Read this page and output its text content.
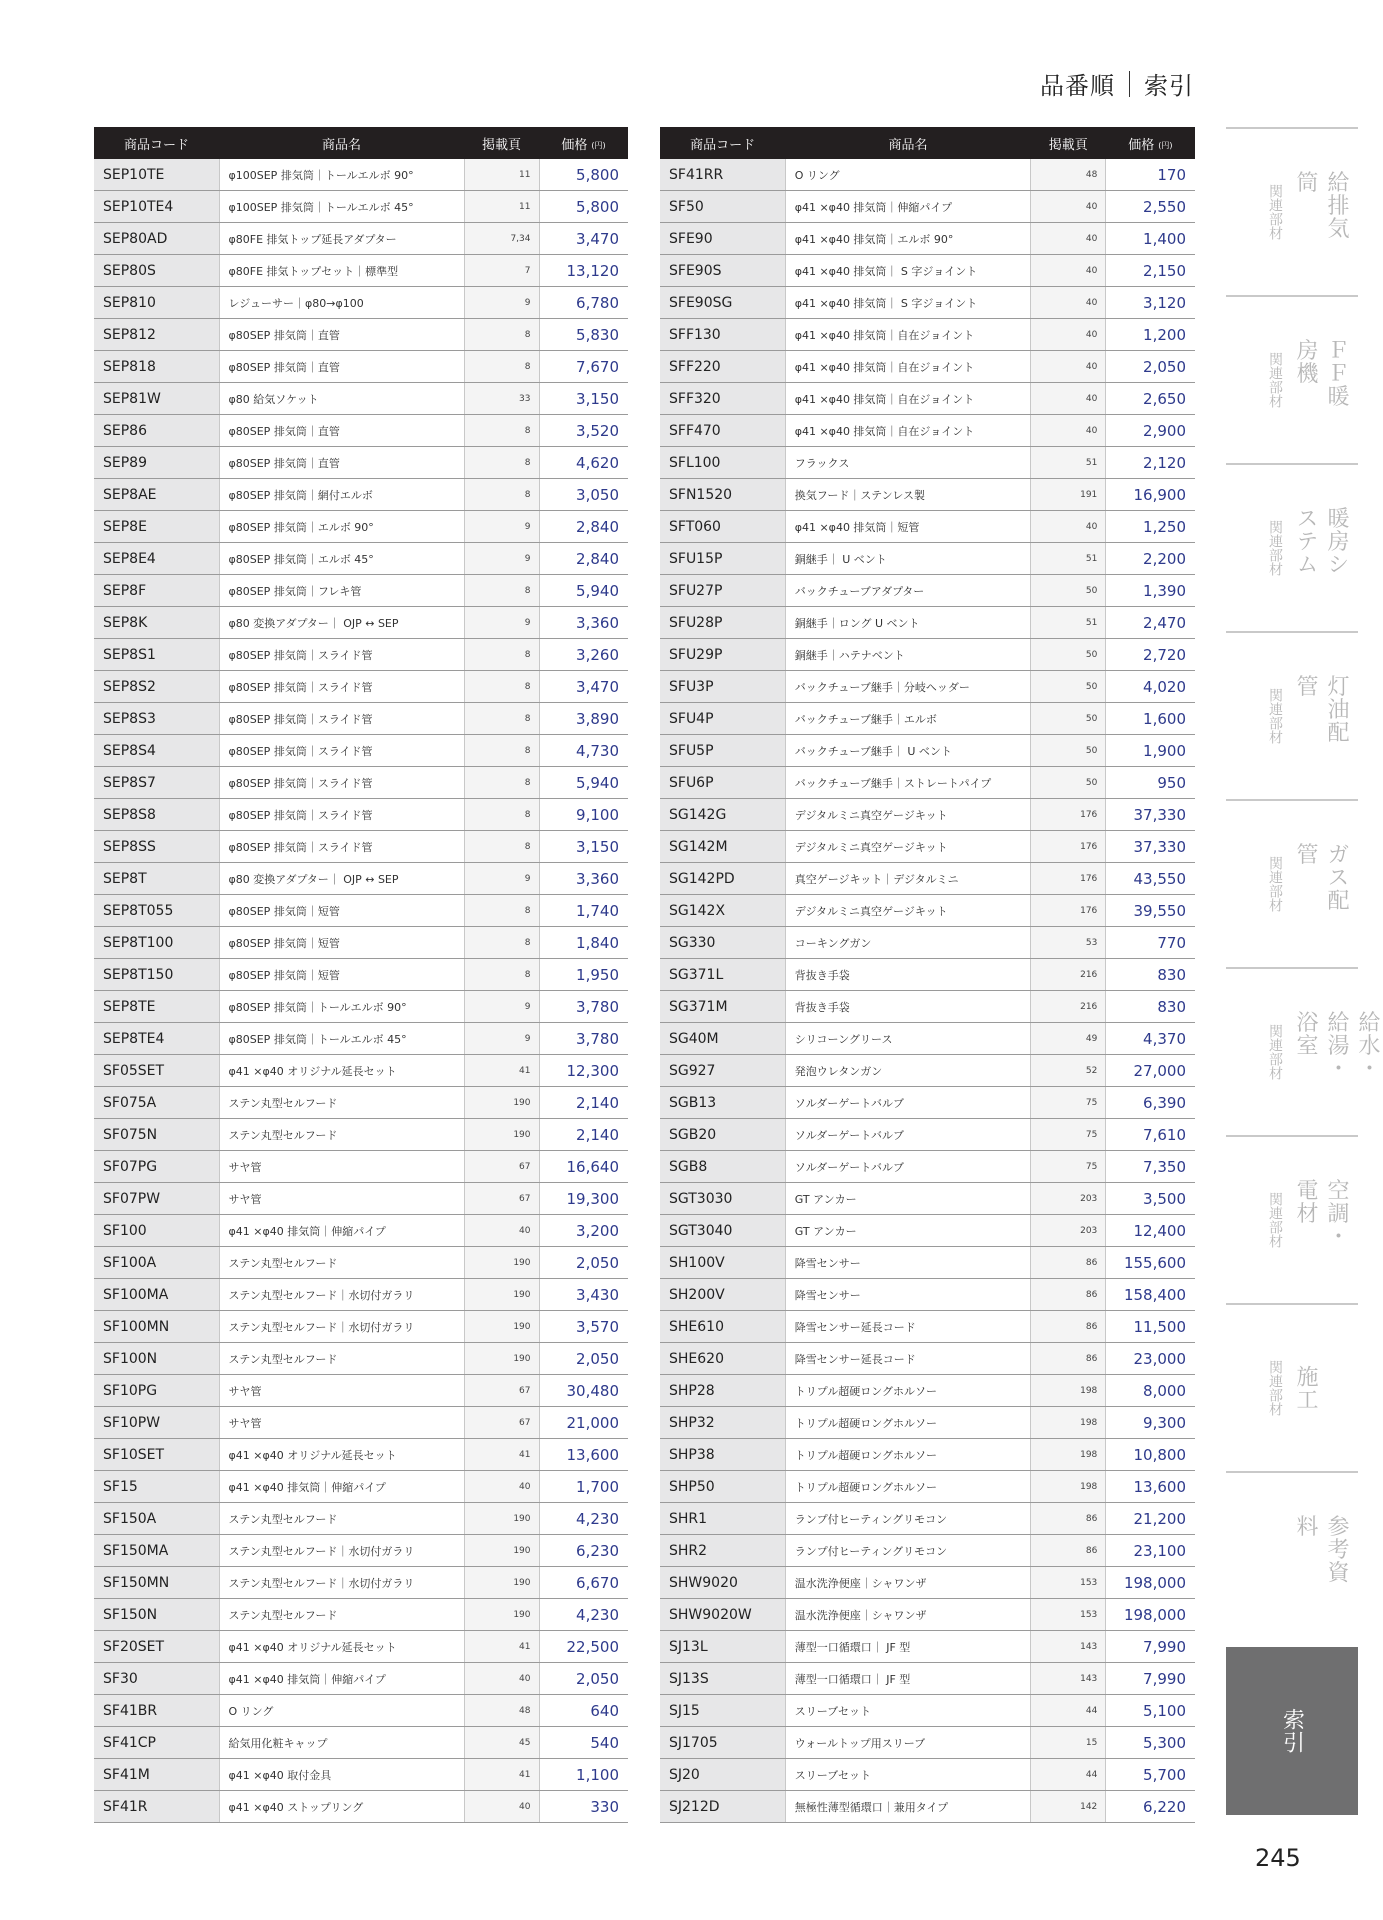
品番順 索引
商品コード	商品名	掲載頁	価格 (円)
SEP10TE	φ100SEP 排気筒｜トールエルボ 90°	11	5,800
SEP10TE4	φ100SEP 排気筒｜トールエルボ 45°	11	5,800
SEP80AD	φ80FE 排気トップ延長アダプター	7,34	3,470
SEP80S	φ80FE 排気トップセット｜標準型	7	13,120
SEP810	レジューサー｜φ80→φ100	9	6,780
SEP812	φ80SEP 排気筒｜直管	8	5,830
SEP818	φ80SEP 排気筒｜直管	8	7,670
SEP81W	φ80 給気ソケット	33	3,150
SEP86	φ80SEP 排気筒｜直管	8	3,520
SEP89	φ80SEP 排気筒｜直管	8	4,620
SEP8AE	φ80SEP 排気筒｜網付エルボ	8	3,050
SEP8E	φ80SEP 排気筒｜エルボ 90°	9	2,840
SEP8E4	φ80SEP 排気筒｜エルボ 45°	9	2,840
SEP8F	φ80SEP 排気筒｜フレキ管	8	5,940
SEP8K	φ80 変換アダプター｜ OJP ↔ SEP	9	3,360
SEP8S1	φ80SEP 排気筒｜スライド管	8	3,260
SEP8S2	φ80SEP 排気筒｜スライド管	8	3,470
SEP8S3	φ80SEP 排気筒｜スライド管	8	3,890
SEP8S4	φ80SEP 排気筒｜スライド管	8	4,730
SEP8S7	φ80SEP 排気筒｜スライド管	8	5,940
SEP8S8	φ80SEP 排気筒｜スライド管	8	9,100
SEP8SS	φ80SEP 排気筒｜スライド管	8	3,150
SEP8T	φ80 変換アダプター｜ OJP ↔ SEP	9	3,360
SEP8T055	φ80SEP 排気筒｜短管	8	1,740
SEP8T100	φ80SEP 排気筒｜短管	8	1,840
SEP8T150	φ80SEP 排気筒｜短管	8	1,950
SEP8TE	φ80SEP 排気筒｜トールエルボ 90°	9	3,780
SEP8TE4	φ80SEP 排気筒｜トールエルボ 45°	9	3,780
SF05SET	φ41 ×φ40 オリジナル延長セット	41	12,300
SF075A	ステン丸型セルフード	190	2,140
SF075N	ステン丸型セルフード	190	2,140
SF07PG	サヤ管	67	16,640
SF07PW	サヤ管	67	19,300
SF100	φ41 ×φ40 排気筒｜伸縮パイプ	40	3,200
SF100A	ステン丸型セルフード	190	2,050
SF100MA	ステン丸型セルフード｜水切付ガラリ	190	3,430
SF100MN	ステン丸型セルフード｜水切付ガラリ	190	3,570
SF100N	ステン丸型セルフード	190	2,050
SF10PG	サヤ管	67	30,480
SF10PW	サヤ管	67	21,000
SF10SET	φ41 ×φ40 オリジナル延長セット	41	13,600
SF15	φ41 ×φ40 排気筒｜伸縮パイプ	40	1,700
SF150A	ステン丸型セルフード	190	4,230
SF150MA	ステン丸型セルフード｜水切付ガラリ	190	6,230
SF150MN	ステン丸型セルフード｜水切付ガラリ	190	6,670
SF150N	ステン丸型セルフード	190	4,230
SF20SET	φ41 ×φ40 オリジナル延長セット	41	22,500
SF30	φ41 ×φ40 排気筒｜伸縮パイプ	40	2,050
SF41BR	O リング	48	640
SF41CP	給気用化粧キャップ	45	540
SF41M	φ41 ×φ40 取付金具	41	1,100
SF41R	φ41 ×φ40 ストップリング	40	330
商品コード	商品名	掲載頁	価格 (円)
SF41RR	O リング	48	170
SF50	φ41 ×φ40 排気筒｜伸縮パイプ	40	2,550
SFE90	φ41 ×φ40 排気筒｜エルボ 90°	40	1,400
SFE90S	φ41 ×φ40 排気筒｜ S 字ジョイント	40	2,150
SFE90SG	φ41 ×φ40 排気筒｜ S 字ジョイント	40	3,120
SFF130	φ41 ×φ40 排気筒｜自在ジョイント	40	1,200
SFF220	φ41 ×φ40 排気筒｜自在ジョイント	40	2,050
SFF320	φ41 ×φ40 排気筒｜自在ジョイント	40	2,650
SFF470	φ41 ×φ40 排気筒｜自在ジョイント	40	2,900
SFL100	フラックス	51	2,120
SFN1520	換気フード｜ステンレス製	191	16,900
SFT060	φ41 ×φ40 排気筒｜短管	40	1,250
SFU15P	銅継手｜ U ベント	51	2,200
SFU27P	バックチューブアダプター	50	1,390
SFU28P	銅継手｜ロング U ベント	51	2,470
SFU29P	銅継手｜ハテナベント	50	2,720
SFU3P	バックチューブ継手｜分岐ヘッダー	50	4,020
SFU4P	バックチューブ継手｜エルボ	50	1,600
SFU5P	バックチューブ継手｜ U ベント	50	1,900
SFU6P	バックチューブ継手｜ストレートパイプ	50	950
SG142G	デジタルミニ真空ゲージキット	176	37,330
SG142M	デジタルミニ真空ゲージキット	176	37,330
SG142PD	真空ゲージキット｜デジタルミニ	176	43,550
SG142X	デジタルミニ真空ゲージキット	176	39,550
SG330	コーキングガン	53	770
SG371L	背抜き手袋	216	830
SG371M	背抜き手袋	216	830
SG40M	シリコーングリース	49	4,370
SG927	発泡ウレタンガン	52	27,000
SGB13	ソルダーゲートバルブ	75	6,390
SGB20	ソルダーゲートバルブ	75	7,610
SGB8	ソルダーゲートバルブ	75	7,350
SGT3030	GT アンカー	203	3,500
SGT3040	GT アンカー	203	12,400
SH100V	降雪センサー	86	155,600
SH200V	降雪センサー	86	158,400
SHE610	降雪センサー延長コード	86	11,500
SHE620	降雪センサー延長コード	86	23,000
SHP28	トリプル超硬ロングホルソー	198	8,000
SHP32	トリプル超硬ロングホルソー	198	9,300
SHP38	トリプル超硬ロングホルソー	198	10,800
SHP50	トリプル超硬ロングホルソー	198	13,600
SHR1	ランプ付ヒーティングリモコン	86	21,200
SHR2	ランプ付ヒーティングリモコン	86	23,100
SHW9020	温水洗浄便座｜シャワンザ	153	198,000
SHW9020W	温水洗浄便座｜シャワンザ	153	198,000
SJ13L	薄型一口循環口｜ JF 型	143	7,990
SJ13S	薄型一口循環口｜ JF 型	143	7,990
SJ15	スリーブセット	44	5,100
SJ1705	ウォールトップ用スリーブ	15	5,300
SJ20	スリーブセット	44	5,700
SJ212D	無極性薄型循環口｜兼用タイプ	142	6,220
給排気筒
関連部材
ＦＦ暖房機
関連部材
暖房システム
関連部材
灯油配管
関連部材
ガス配管
関連部材
給水・給湯・浴室
関連部材
空調・電材
関連部材
施工
関連部材
参考資料
索引
245
